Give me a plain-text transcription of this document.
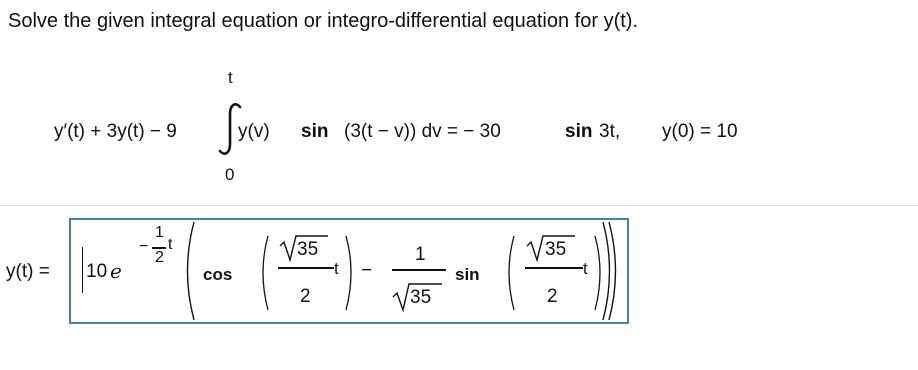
Solve the given integral equation or integro-differential equation for y(t).
t
y′(t) + 3y(t) − 9	y(v) sin (3(t − v)) dv = − 30	sin 3t, y(0) = 10
0
y(t) = 10 e
−
1
2
t
cos
35
2
t −
1
35
sin
35
2
t
